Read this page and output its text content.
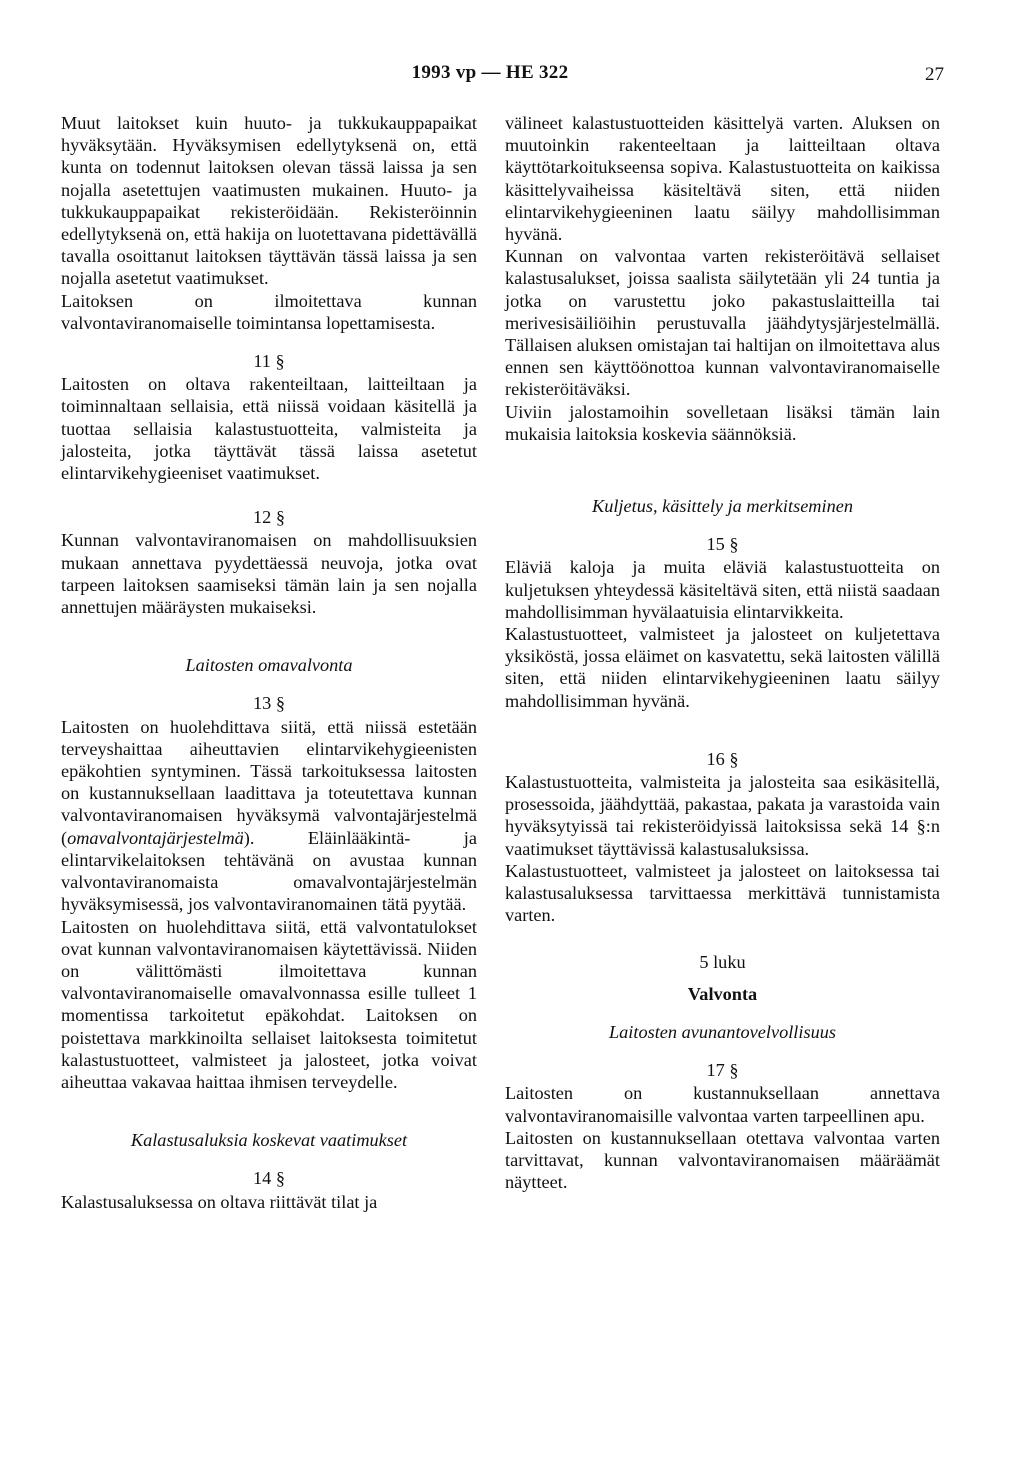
1993 vp — HE 322	27

Muut laitokset kuin huuto- ja tukkukauppapaikat hyväksytään. Hyväksymisen edellytyksenä on, että kunta on todennut laitoksen olevan tässä laissa ja sen nojalla asetettujen vaatimusten mukainen. Huuto- ja tukkukauppapaikat rekisteröidään. Rekisteröinnin edellytyksenä on, että hakija on luotettavana pidettävällä tavalla osoittanut laitoksen täyttävän tässä laissa ja sen nojalla asetetut vaatimukset.

Laitoksen on ilmoitettava kunnan valvontaviranomaiselle toimintansa lopettamisesta.

11 §

Laitosten on oltava rakenteiltaan, laitteiltaan ja toiminnaltaan sellaisia, että niissä voidaan käsitellä ja tuottaa sellaisia kalastustuotteita, valmisteita ja jalosteita, jotka täyttävät tässä laissa asetetut elintarvikehygieeniset vaatimukset.

12 §

Kunnan valvontaviranomaisen on mahdollisuuksien mukaan annettava pyydettäessä neuvoja, jotka ovat tarpeen laitoksen saamiseksi tämän lain ja sen nojalla annettujen määräysten mukaiseksi.

Laitosten omavalvonta
13 §

Laitosten on huolehdittava siitä, että niissä estetään terveyshaittaa aiheuttavien elintarvikehygieenisten epäkohtien syntyminen. Tässä tarkoituksessa laitosten on kustannuksellaan laadittava ja toteutettava kunnan valvontaviranomaisen hyväksymä valvontajärjestelmä (omavalvontajärjestelmä). Eläinlääkintä- ja elintarvikelaitoksen tehtävänä on avustaa kunnan valvontaviranomaista omavalvontajärjestelmän hyväksymisessä, jos valvontaviranomainen tätä pyytää.

Laitosten on huolehdittava siitä, että valvontatulokset ovat kunnan valvontaviranomaisen käytettävissä. Niiden on välittömästi ilmoitettava kunnan valvontaviranomaiselle omavalvonnassa esille tulleet 1 momentissa tarkoitetut epäkohdat. Laitoksen on poistettava markkinoilta sellaiset laitoksesta toimitetut kalastustuotteet, valmisteet ja jalosteet, jotka voivat aiheuttaa vakavaa haittaa ihmisen terveydelle.

Kalastusaluksia koskevat vaatimukset
14 §

Kalastusaluksessa on oltava riittävät tilat ja

välineet kalastustuotteiden käsittelyä varten. Aluksen on muutoinkin rakenteeltaan ja laitteiltaan oltava käyttötarkoitukseensa sopiva. Kalastustuotteita on kaikissa käsittelyvaiheissa käsiteltävä siten, että niiden elintarvikehygieeninen laatu säilyy mahdollisimman hyvänä.

Kunnan on valvontaa varten rekisteröitävä sellaiset kalastusalukset, joissa saalista säilytetään yli 24 tuntia ja jotka on varustettu joko pakastuslaitteilla tai merivesisäiliöihin perustuvalla jäähdytysjärjestelmällä. Tällaisen aluksen omistajan tai haltijan on ilmoitettava alus ennen sen käyttöönottoa kunnan valvontaviranomaiselle rekisteröitäväksi.

Uiviin jalostamoihin sovelletaan lisäksi tämän lain mukaisia laitoksia koskevia säännöksiä.

Kuljetus, käsittely ja merkitseminen
15 §

Eläviä kaloja ja muita eläviä kalastustuotteita on kuljetuksen yhteydessä käsiteltävä siten, että niistä saadaan mahdollisimman hyvälaatuisia elintarvikkeita.

Kalastustuotteet, valmisteet ja jalosteet on kuljetettava yksiköstä, jossa eläimet on kasvatettu, sekä laitosten välillä siten, että niiden elintarvikehygieeninen laatu säilyy mahdollisimman hyvänä.

16 §

Kalastustuotteita, valmisteita ja jalosteita saa esikäsitellä, prosessoida, jäähdyttää, pakastaa, pakata ja varastoida vain hyväksytyissä tai rekisteröidyissä laitoksissa sekä 14 §:n vaatimukset täyttävissä kalastusaluksissa.

Kalastustuotteet, valmisteet ja jalosteet on laitoksessa tai kalastusaluksessa tarvittaessa merkittävä tunnistamista varten.

5 luku
Valvonta
Laitosten avunantovelvollisuus
17 §

Laitosten on kustannuksellaan annettava valvontaviranomaisille valvontaa varten tarpeellinen apu.

Laitosten on kustannuksellaan otettava valvontaa varten tarvittavat, kunnan valvontaviranomaisen määräämät näytteet.
